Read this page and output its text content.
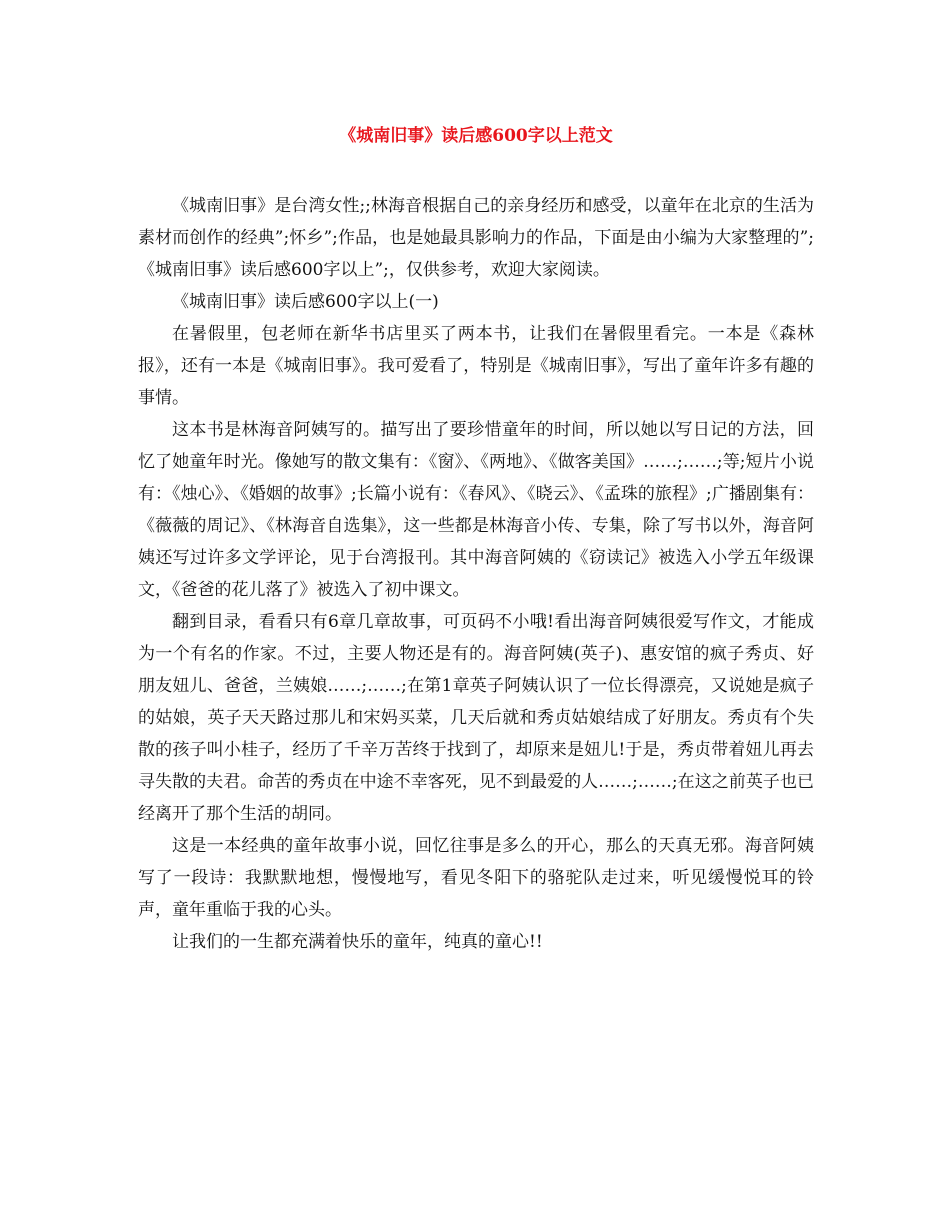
《城南旧事》读后感600字以上范文

《城南旧事》是台湾女性;;林海音根据自己的亲身经历和感受，以童年在北京的生活为素材而创作的经典”;怀乡”;作品，也是她最具影响力的作品，下面是由小编为大家整理的”;《城南旧事》读后感600字以上”;，仅供参考，欢迎大家阅读。

《城南旧事》读后感600字以上(一)

在暑假里，包老师在新华书店里买了两本书，让我们在暑假里看完。一本是《森林报》，还有一本是《城南旧事》。我可爱看了，特别是《城南旧事》，写出了童年许多有趣的事情。

这本书是林海音阿姨写的。描写出了要珍惜童年的时间，所以她以写日记的方法，回忆了她童年时光。像她写的散文集有：《窗》、《两地》、《做客美国》……;……;等;短片小说有：《烛心》、《婚姻的故事》;长篇小说有：《春风》、《晓云》、《孟珠的旅程》;广播剧集有：《薇薇的周记》、《林海音自选集》，这一些都是林海音小传、专集，除了写书以外，海音阿姨还写过许多文学评论，见于台湾报刊。其中海音阿姨的《窃读记》被选入小学五年级课文，《爸爸的花儿落了》被选入了初中课文。

翻到目录，看看只有6章几章故事，可页码不小哦!看出海音阿姨很爱写作文，才能成为一个有名的作家。不过，主要人物还是有的。海音阿姨(英子)、惠安馆的疯子秀贞、好朋友妞儿、爸爸，兰姨娘……;……;在第1章英子阿姨认识了一位长得漂亮，又说她是疯子的姑娘，英子天天路过那儿和宋妈买菜，几天后就和秀贞姑娘结成了好朋友。秀贞有个失散的孩子叫小桂子，经历了千辛万苦终于找到了，却原来是妞儿!于是，秀贞带着妞儿再去寻失散的夫君。命苦的秀贞在中途不幸客死，见不到最爱的人……;……;在这之前英子也已经离开了那个生活的胡同。

这是一本经典的童年故事小说，回忆往事是多么的开心，那么的天真无邪。海音阿姨写了一段诗：我默默地想，慢慢地写，看见冬阳下的骆驼队走过来，听见缓慢悦耳的铃声，童年重临于我的心头。

让我们的一生都充满着快乐的童年，纯真的童心!!
